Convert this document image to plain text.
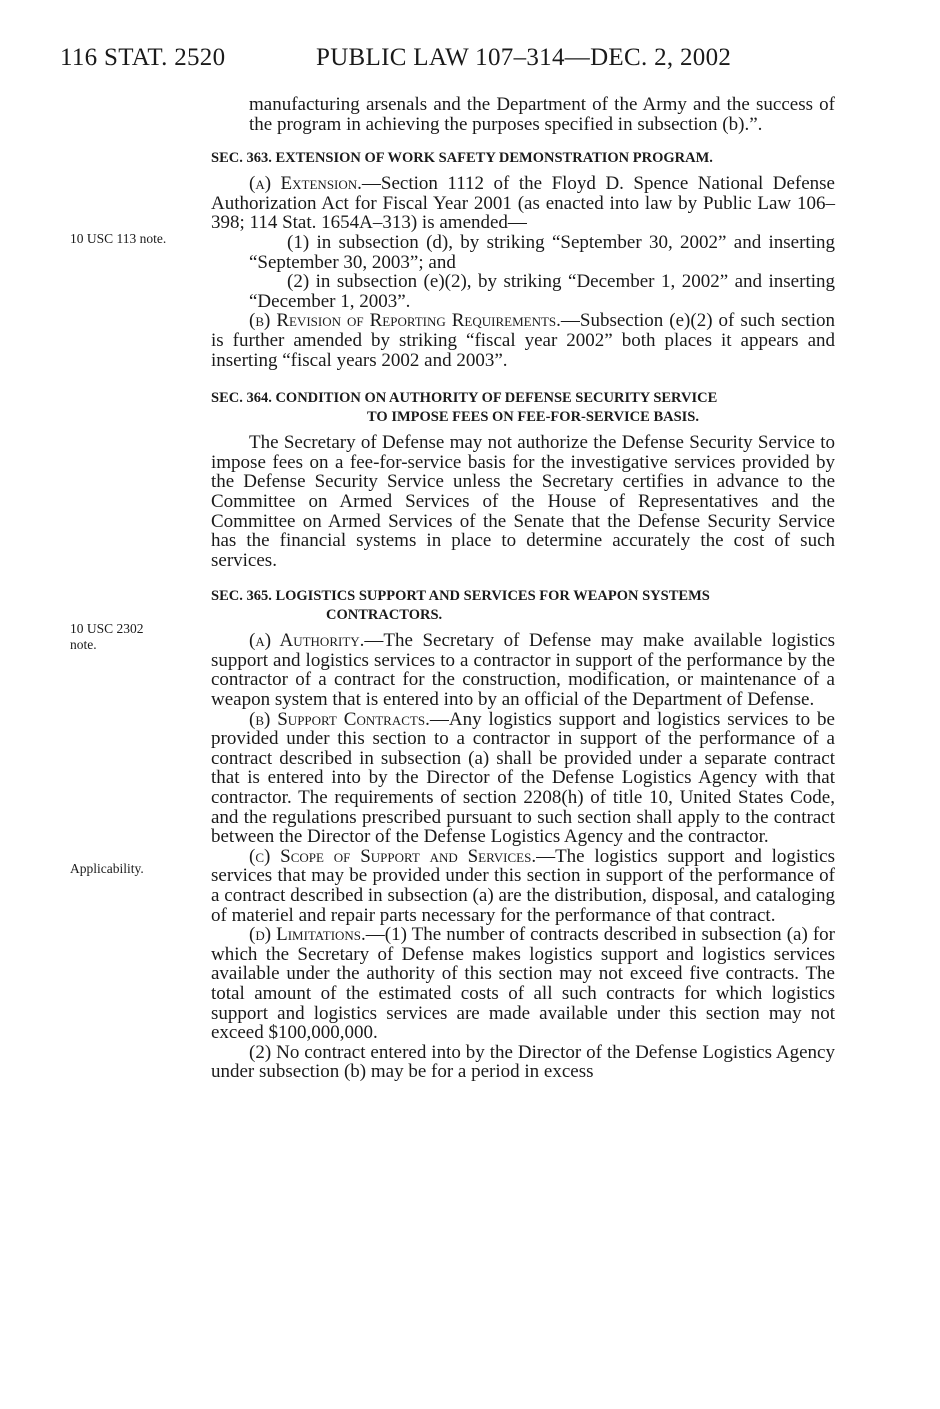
116 STAT. 2520	PUBLIC LAW 107–314—DEC. 2, 2002
10 USC 113 note.
10 USC 2302
note.
Applicability.

manufacturing arsenals and the Department of the Army and the success of the program in achieving the purposes specified in subsection (b).”.

SEC. 363. EXTENSION OF WORK SAFETY DEMONSTRATION PROGRAM.

(a) Extension.—Section 1112 of the Floyd D. Spence National Defense Authorization Act for Fiscal Year 2001 (as enacted into law by Public Law 106–398; 114 Stat. 1654A–313) is amended—

(1) in subsection (d), by striking “September 30, 2002” and inserting “September 30, 2003”; and

(2) in subsection (e)(2), by striking “December 1, 2002” and inserting “December 1, 2003”.

(b) Revision of Reporting Requirements.—Subsection (e)(2) of such section is further amended by striking “fiscal year 2002” both places it appears and inserting “fiscal years 2002 and 2003”.

SEC. 364. CONDITION ON AUTHORITY OF DEFENSE SECURITY SERVICE
TO IMPOSE FEES ON FEE-FOR-SERVICE BASIS.

The Secretary of Defense may not authorize the Defense Security Service to impose fees on a fee-for-service basis for the investigative services provided by the Defense Security Service unless the Secretary certifies in advance to the Committee on Armed Services of the House of Representatives and the Committee on Armed Services of the Senate that the Defense Security Service has the financial systems in place to determine accurately the cost of such services.

SEC. 365. LOGISTICS SUPPORT AND SERVICES FOR WEAPON SYSTEMS
CONTRACTORS.

(a) Authority.—The Secretary of Defense may make available logistics support and logistics services to a contractor in support of the performance by the contractor of a contract for the construction, modification, or maintenance of a weapon system that is entered into by an official of the Department of Defense.

(b) Support Contracts.—Any logistics support and logistics services to be provided under this section to a contractor in support of the performance of a contract described in subsection (a) shall be provided under a separate contract that is entered into by the Director of the Defense Logistics Agency with that contractor. The requirements of section 2208(h) of title 10, United States Code, and the regulations prescribed pursuant to such section shall apply to the contract between the Director of the Defense Logistics Agency and the contractor.

(c) Scope of Support and Services.—The logistics support and logistics services that may be provided under this section in support of the performance of a contract described in subsection (a) are the distribution, disposal, and cataloging of materiel and repair parts necessary for the performance of that contract.

(d) Limitations.—(1) The number of contracts described in subsection (a) for which the Secretary of Defense makes logistics support and logistics services available under the authority of this section may not exceed five contracts. The total amount of the estimated costs of all such contracts for which logistics support and logistics services are made available under this section may not exceed $100,000,000.

(2) No contract entered into by the Director of the Defense Logistics Agency under subsection (b) may be for a period in excess
